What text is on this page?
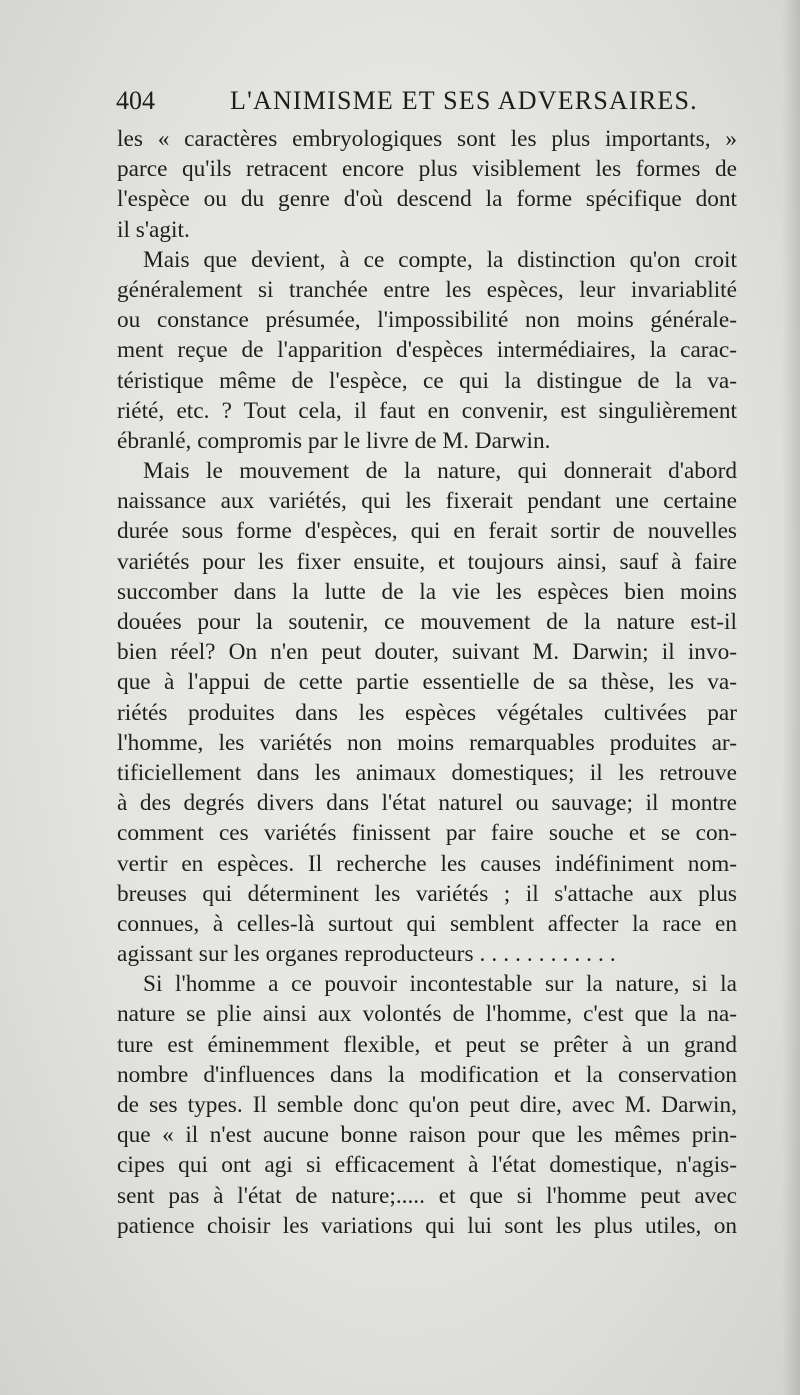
404	L'ANIMISME ET SES ADVERSAIRES.
les « caractères embryologiques sont les plus importants, »
parce qu'ils retracent encore plus visiblement les formes de
l'espèce ou du genre d'où descend la forme spécifique dont
il s'agit.
Mais que devient, à ce compte, la distinction qu'on croit
généralement si tranchée entre les espèces, leur invariablité
ou constance présumée, l'impossibilité non moins générale-
ment reçue de l'apparition d'espèces intermédiaires, la carac-
téristique même de l'espèce, ce qui la distingue de la va-
riété, etc. ? Tout cela, il faut en convenir, est singulièrement
ébranlé, compromis par le livre de M. Darwin.
Mais le mouvement de la nature, qui donnerait d'abord
naissance aux variétés, qui les fixerait pendant une certaine
durée sous forme d'espèces, qui en ferait sortir de nouvelles
variétés pour les fixer ensuite, et toujours ainsi, sauf à faire
succomber dans la lutte de la vie les espèces bien moins
douées pour la soutenir, ce mouvement de la nature est-il
bien réel? On n'en peut douter, suivant M. Darwin; il invo-
que à l'appui de cette partie essentielle de sa thèse, les va-
riétés produites dans les espèces végétales cultivées par
l'homme, les variétés non moins remarquables produites ar-
tificiellement dans les animaux domestiques; il les retrouve
à des degrés divers dans l'état naturel ou sauvage; il montre
comment ces variétés finissent par faire souche et se con-
vertir en espèces. Il recherche les causes indéfiniment nom-
breuses qui déterminent les variétés ; il s'attache aux plus
connues, à celles-là surtout qui semblent affecter la race en
agissant sur les organes reproducteurs . . . . . . . . . . . .
Si l'homme a ce pouvoir incontestable sur la nature, si la
nature se plie ainsi aux volontés de l'homme, c'est que la na-
ture est éminemment flexible, et peut se prêter à un grand
nombre d'influences dans la modification et la conservation
de ses types. Il semble donc qu'on peut dire, avec M. Darwin,
que « il n'est aucune bonne raison pour que les mêmes prin-
cipes qui ont agi si efficacement à l'état domestique, n'agis-
sent pas à l'état de nature;..... et que si l'homme peut avec
patience choisir les variations qui lui sont les plus utiles, on
